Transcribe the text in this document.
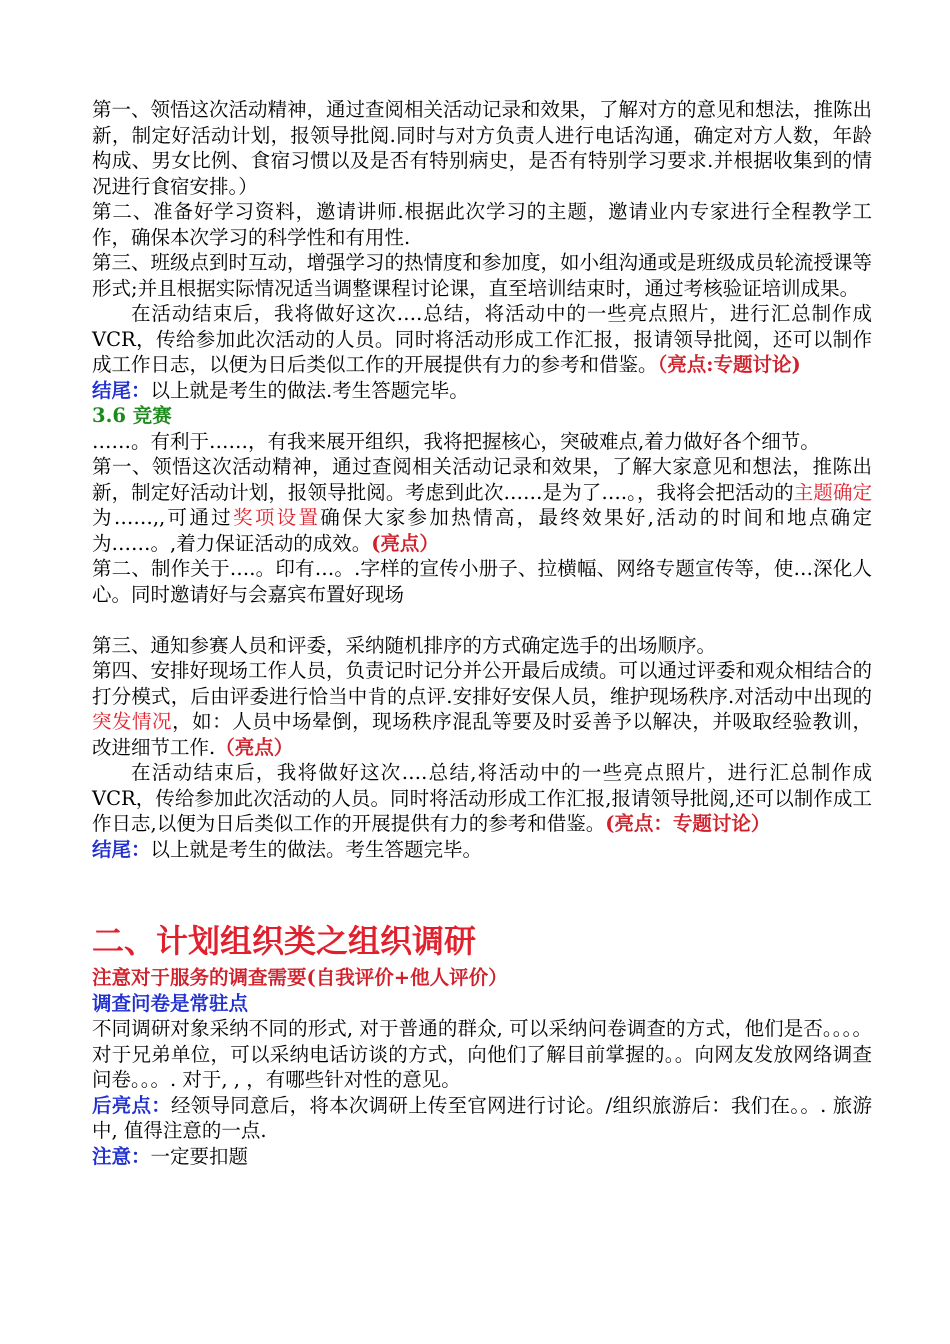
第一、领悟这次活动精神，通过查阅相关活动记录和效果，了解对方的意见和想法，推陈出新，制定好活动计划，报领导批阅.同时与对方负责人进行电话沟通，确定对方人数，年龄构成、男女比例、食宿习惯以及是否有特别病史，是否有特别学习要求.并根据收集到的情况进行食宿安排。）

第二、准备好学习资料，邀请讲师.根据此次学习的主题，邀请业内专家进行全程教学工作，确保本次学习的科学性和有用性.

第三、班级点到时互动，增强学习的热情度和参加度，如小组沟通或是班级成员轮流授课等形式;并且根据实际情况适当调整课程讨论课，直至培训结束时，通过考核验证培训成果。

在活动结束后，我将做好这次….总结，将活动中的一些亮点照片，进行汇总制作成 VCR，传给参加此次活动的人员。同时将活动形成工作汇报，报请领导批阅，还可以制作成工作日志，以便为日后类似工作的开展提供有力的参考和借鉴。（亮点:专题讨论)

结尾：以上就是考生的做法.考生答题完毕。

3.6 竞赛

……。有利于……，有我来展开组织，我将把握核心，突破难点,着力做好各个细节。

第一、领悟这次活动精神，通过查阅相关活动记录和效果，了解大家意见和想法，推陈出新，制定好活动计划，报领导批阅。考虑到此次……是为了….。，我将会把活动的主题确定为……,,可通过奖项设置确保大家参加热情高，最终效果好,活动的时间和地点确定为……。,着力保证活动的成效。(亮点）

第二、制作关于….。印有…。.字样的宣传小册子、拉横幅、网络专题宣传等，使…深化人心。同时邀请好与会嘉宾布置好现场

第三、通知参赛人员和评委，采纳随机排序的方式确定选手的出场顺序。

第四、安排好现场工作人员，负责记时记分并公开最后成绩。可以通过评委和观众相结合的打分模式，后由评委进行恰当中肯的点评.安排好安保人员，维护现场秩序.对活动中出现的突发情况，如：人员中场晕倒，现场秩序混乱等要及时妥善予以解决，并吸取经验教训，改进细节工作.（亮点）

在活动结束后，我将做好这次….总结,将活动中的一些亮点照片，进行汇总制作成 VCR，传给参加此次活动的人员。同时将活动形成工作汇报,报请领导批阅,还可以制作成工作日志,以便为日后类似工作的开展提供有力的参考和借鉴。(亮点：专题讨论）

结尾：以上就是考生的做法。考生答题完毕。

二、计划组织类之组织调研

注意对于服务的调查需要(自我评价+他人评价）

调查问卷是常驻点

不同调研对象采纳不同的形式, 对于普通的群众, 可以采纳问卷调查的方式，他们是否。。。。对于兄弟单位，可以采纳电话访谈的方式，向他们了解目前掌握的。。向网友发放网络调查问卷。。。. 对于, , ，有哪些针对性的意见。

后亮点：经领导同意后，将本次调研上传至官网进行讨论。/组织旅游后：我们在。。. 旅游中, 值得注意的一点.

注意：一定要扣题
